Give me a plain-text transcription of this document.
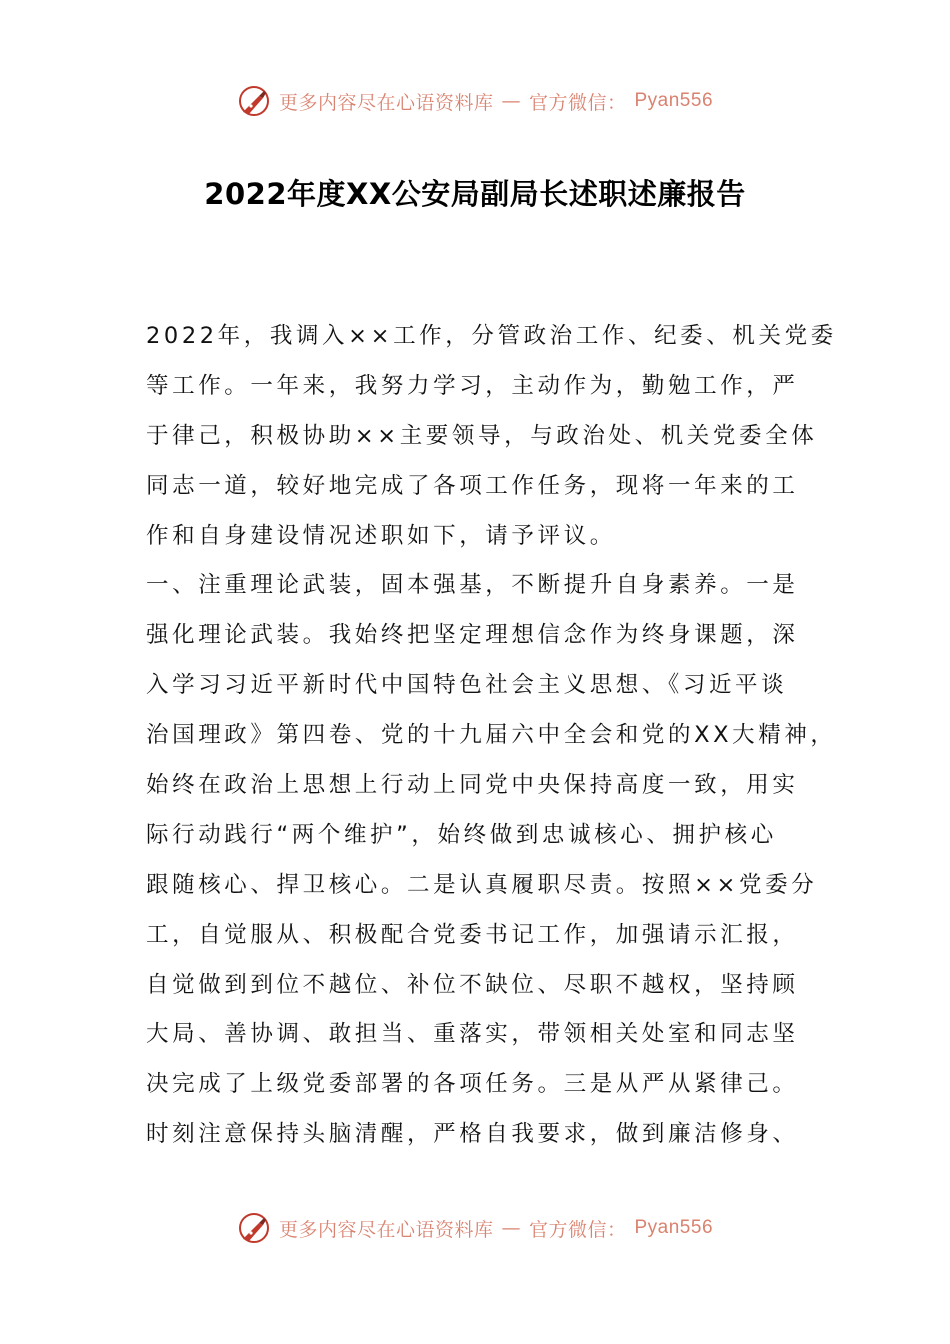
更多内容尽在心语资料库 — 官方微信： Pyan556
2022年度XX公安局副局长述职述廉报告
2022年，我调入××工作，分管政治工作、纪委、机关党委
等工作。一年来，我努力学习，主动作为，勤勉工作，严
于律己，积极协助××主要领导，与政治处、机关党委全体
同志一道，较好地完成了各项工作任务，现将一年来的工
作和自身建设情况述职如下，请予评议。
一、注重理论武装，固本强基，不断提升自身素养。一是
强化理论武装。我始终把坚定理想信念作为终身课题，深
入学习习近平新时代中国特色社会主义思想、《习近平谈
治国理政》第四卷、党的十九届六中全会和党的XX大精神，
始终在政治上思想上行动上同党中央保持高度一致，用实
际行动践行“两个维护”，始终做到忠诚核心、拥护核心
跟随核心、捍卫核心。二是认真履职尽责。按照××党委分
工，自觉服从、积极配合党委书记工作，加强请示汇报，
自觉做到到位不越位、补位不缺位、尽职不越权，坚持顾
大局、善协调、敢担当、重落实，带领相关处室和同志坚
决完成了上级党委部署的各项任务。三是从严从紧律己。
时刻注意保持头脑清醒，严格自我要求，做到廉洁修身、
更多内容尽在心语资料库 — 官方微信： Pyan556
